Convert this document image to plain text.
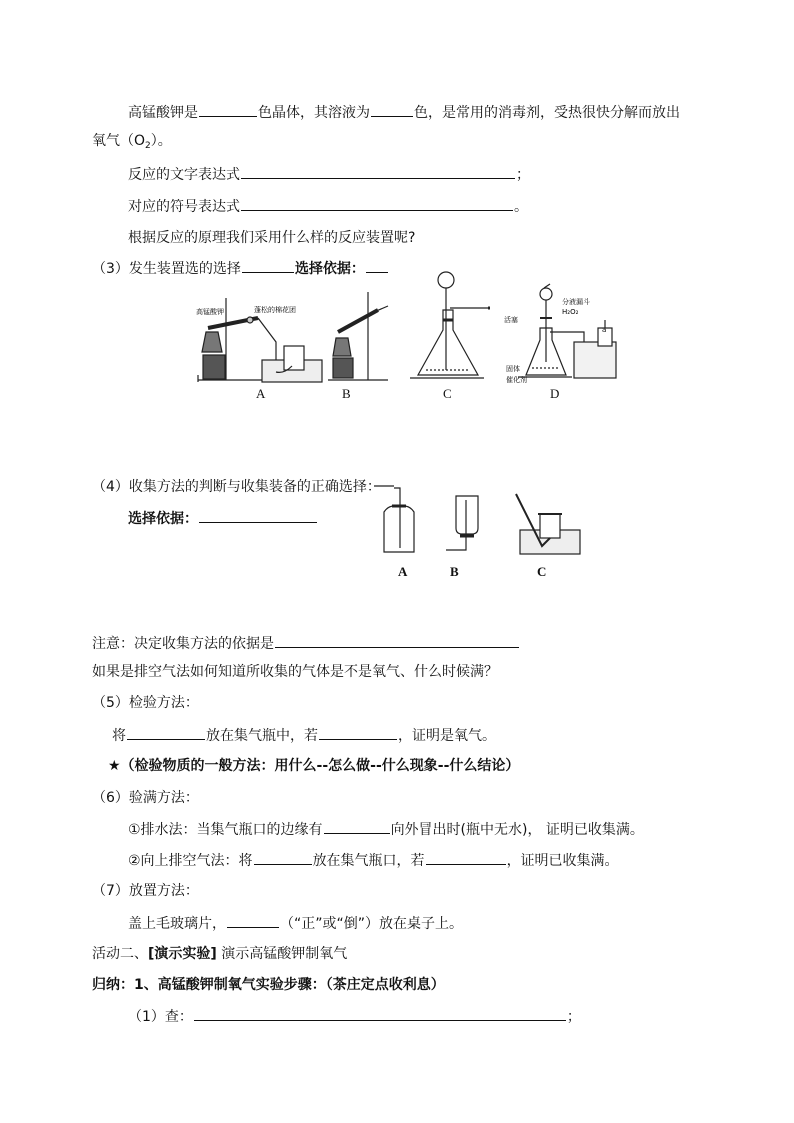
高锰酸钾是	色晶体，其溶液为	色，是常用的消毒剂，受热很快分解而放出
氧气$(O_2)$。
反应的文字表达式	；
对应的符号表达式	。
根据反应的原理我们采用什么样的反应装置呢?
（3）发生装置选的选择	选择依据：
高锰酸钾	蓬松的棉花团
分液漏斗
H₂O₂
活塞
固体
催化剂
a
A	B	C	D
（4）收集方法的判断与收集装备的正确选择：
选择依据：
A	B	C
注意：决定收集方法的依据是
如果是排空气法如何知道所收集的气体是不是氧气、什么时候满？
（5）检验方法：
将	放在集气瓶中，若	，证明是氧气。
★（检验物质的一般方法：用什么--怎么做--什么现象--什么结论）
（6）验满方法：
①排水法：当集气瓶口的边缘有	向外冒出时(瓶中无水)， 证明已收集满。
②向上排空气法：将	放在集气瓶口，若	，证明已收集满。
（7）放置方法：
盖上毛玻璃片，	（“正”或“倒”）放在桌子上。
活动二、[演示实验] 演示高锰酸钾制氧气
归纳：1、高锰酸钾制氧气实验步骤：（茶庄定点收利息）
（1）查：	；
